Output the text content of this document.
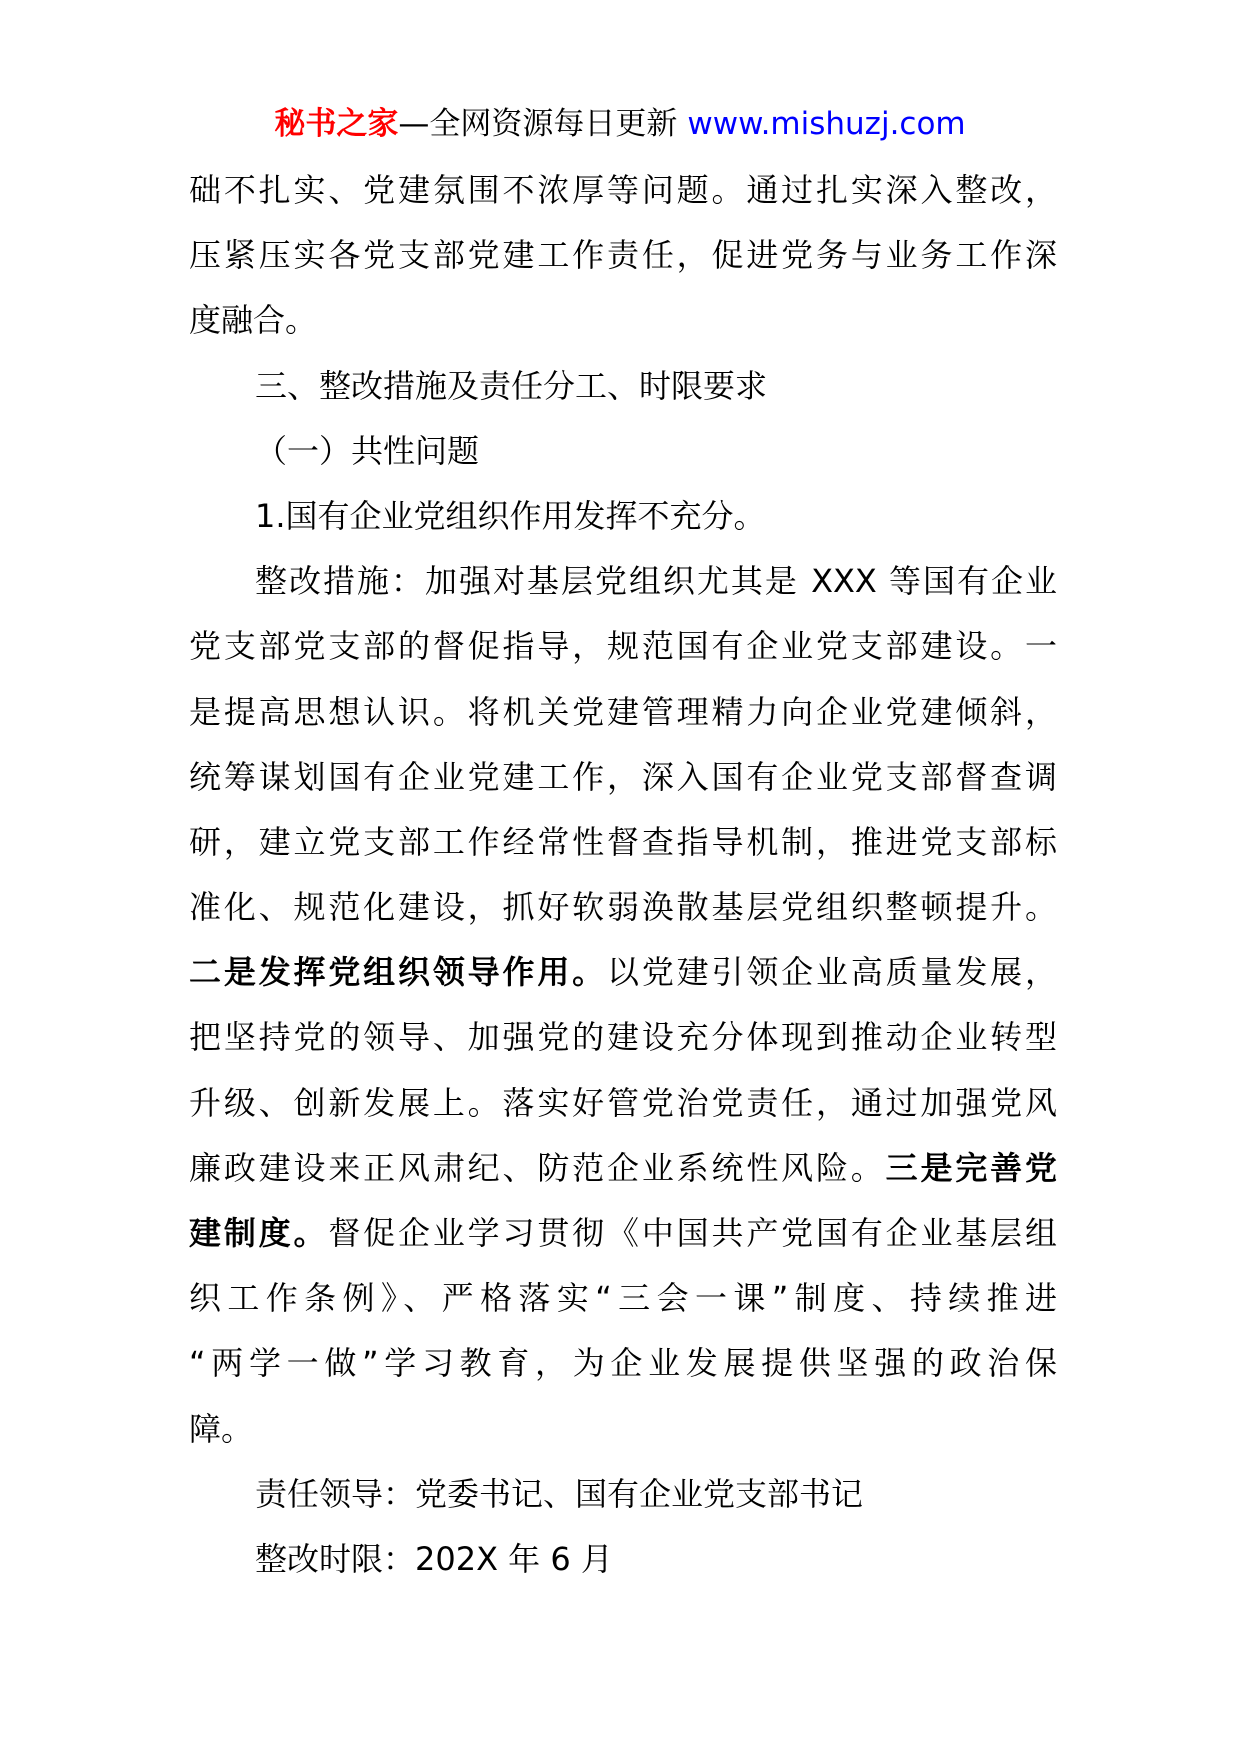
秘书之家—全网资源每日更新 www.mishuzj.com
础不扎实、党建氛围不浓厚等问题。通过扎实深入整改，
压紧压实各党支部党建工作责任，促进党务与业务工作深
度融合。
三、整改措施及责任分工、时限要求
（一）共性问题
1.国有企业党组织作用发挥不充分。
整改措施：加强对基层党组织尤其是 XXX 等国有企业
党支部党支部的督促指导，规范国有企业党支部建设。一
是提高思想认识。将机关党建管理精力向企业党建倾斜，
统筹谋划国有企业党建工作，深入国有企业党支部督查调
研，建立党支部工作经常性督查指导机制，推进党支部标
准化、规范化建设，抓好软弱涣散基层党组织整顿提升。
二是发挥党组织领导作用。以党建引领企业高质量发展，
把坚持党的领导、加强党的建设充分体现到推动企业转型
升级、创新发展上。落实好管党治党责任，通过加强党风
廉政建设来正风肃纪、防范企业系统性风险。三是完善党
建制度。督促企业学习贯彻《中国共产党国有企业基层组
织工作条例》、严格落实“三会一课”制度、持续推进
“两学一做”学习教育，为企业发展提供坚强的政治保
障。
责任领导：党委书记、国有企业党支部书记
整改时限：202X 年 6 月
